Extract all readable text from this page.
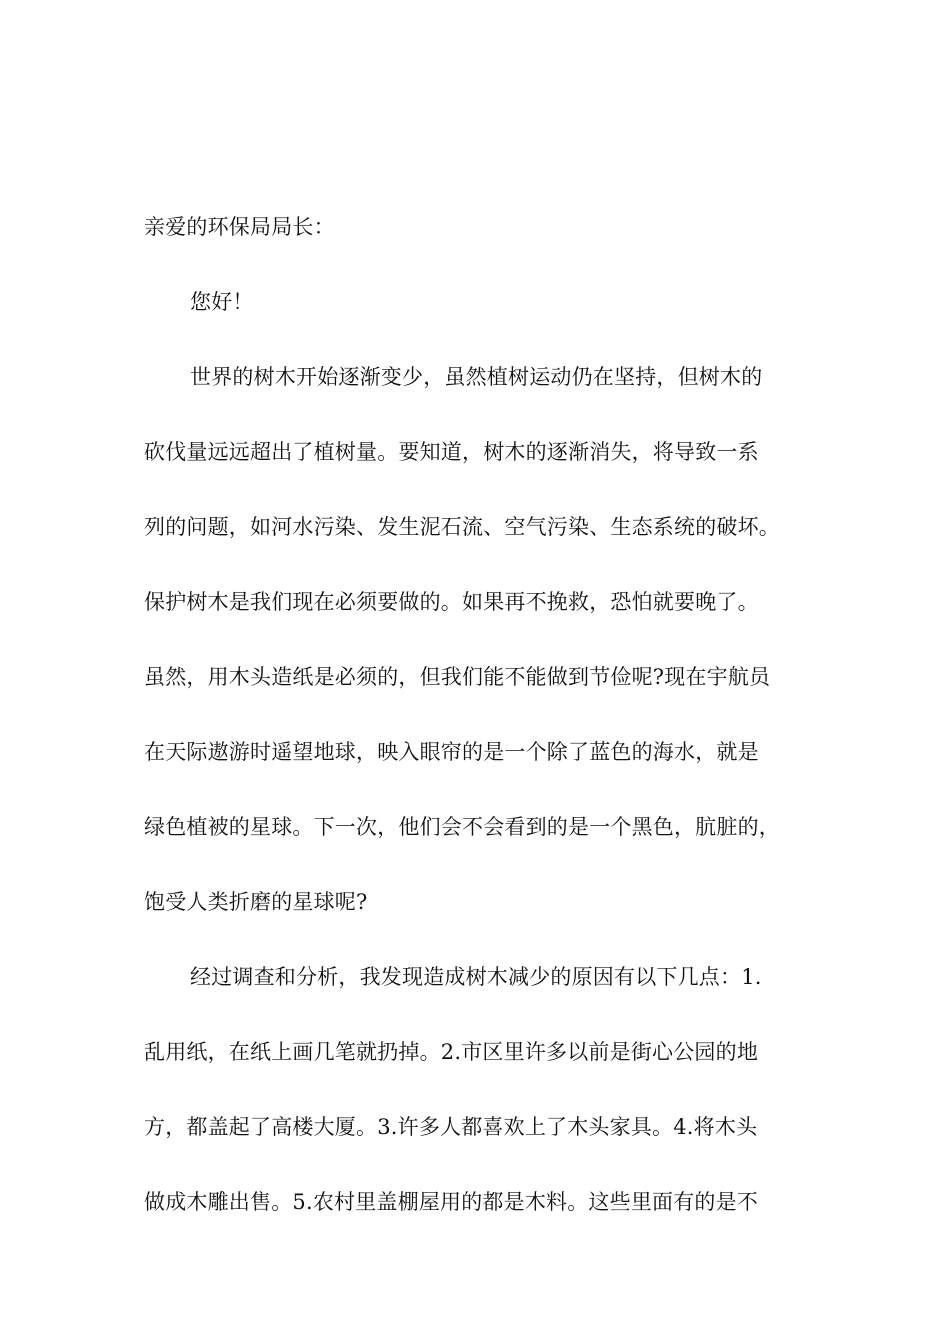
亲爱的环保局局长：
您好！
世界的树木开始逐渐变少，虽然植树运动仍在坚持，但树木的
砍伐量远远超出了植树量。要知道，树木的逐渐消失，将导致一系
列的问题，如河水污染、发生泥石流、空气污染、生态系统的破坏。
保护树木是我们现在必须要做的。如果再不挽救，恐怕就要晚了。
虽然，用木头造纸是必须的，但我们能不能做到节俭呢?现在宇航员
在天际遨游时遥望地球，映入眼帘的是一个除了蓝色的海水，就是
绿色植被的星球。下一次，他们会不会看到的是一个黑色，肮脏的，
饱受人类折磨的星球呢?
经过调查和分析，我发现造成树木减少的原因有以下几点：1.
乱用纸，在纸上画几笔就扔掉。2.市区里许多以前是街心公园的地
方，都盖起了高楼大厦。3.许多人都喜欢上了木头家具。4.将木头
做成木雕出售。5.农村里盖棚屋用的都是木料。这些里面有的是不
